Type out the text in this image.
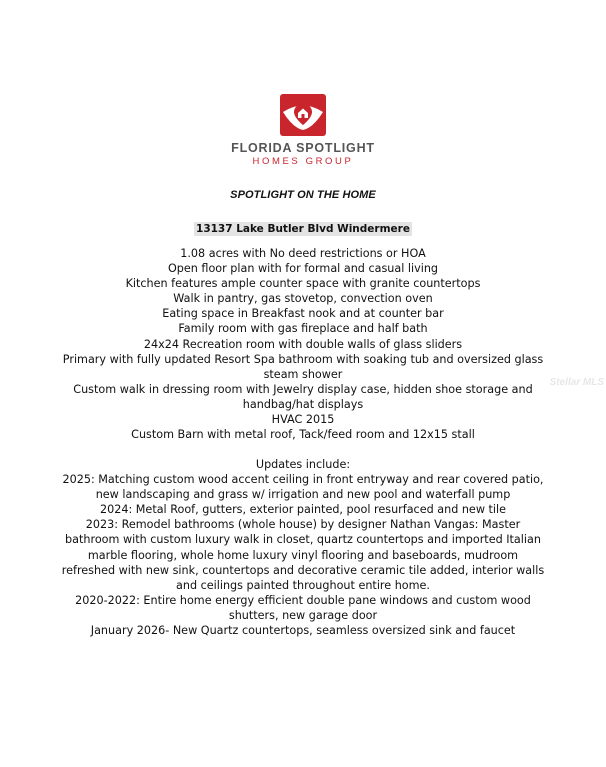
FLORIDA SPOTLIGHT
HOMES GROUP
SPOTLIGHT ON THE HOME
13137 Lake Butler Blvd Windermere
1.08 acres with No deed restrictions or HOA
Open floor plan with for formal and casual living
Kitchen features ample counter space with granite countertops
Walk in pantry, gas stovetop, convection oven
Eating space in Breakfast nook and at counter bar
Family room with gas fireplace and half bath
24x24 Recreation room with double walls of glass sliders
Primary with fully updated Resort Spa bathroom with soaking tub and oversized glass steam shower
Custom walk in dressing room with Jewelry display case, hidden shoe storage and handbag/hat displays
HVAC 2015
Custom Barn with metal roof, Tack/feed room and 12x15 stall
Updates include:
2025: Matching custom wood accent ceiling in front entryway and rear covered patio, new landscaping and grass w/ irrigation and new pool and waterfall pump
2024: Metal Roof, gutters, exterior painted, pool resurfaced and new tile
2023: Remodel bathrooms (whole house) by designer Nathan Vangas: Master bathroom with custom luxury walk in closet, quartz countertops and imported Italian marble flooring, whole home luxury vinyl flooring and baseboards, mudroom refreshed with new sink, countertops and decorative ceramic tile added, interior walls and ceilings painted throughout entire home.
2020-2022: Entire home energy efficient double pane windows and custom wood shutters, new garage door
January 2026- New Quartz countertops, seamless oversized sink and faucet
Stellar MLS
